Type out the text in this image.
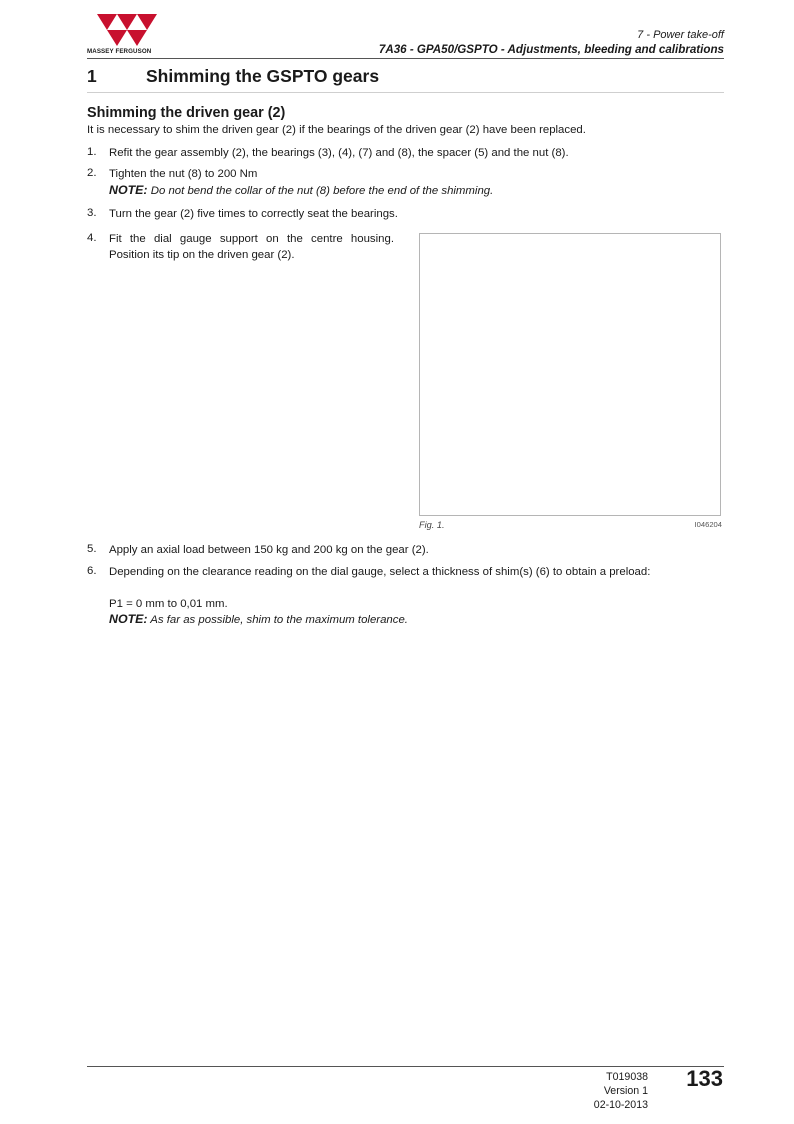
MASSEY FERGUSON
7 - Power take-off
7A36 - GPA50/GSPTO - Adjustments, bleeding and calibrations
1	Shimming the GSPTO gears
Shimming the driven gear (2)
It is necessary to shim the driven gear (2) if the bearings of the driven gear (2) have been replaced.
1. Refit the gear assembly (2), the bearings (3), (4), (7) and (8), the spacer (5) and the nut (8).
2. Tighten the nut (8) to 200 Nm
NOTE: Do not bend the collar of the nut (8) before the end of the shimming.
3. Turn the gear (2) five times to correctly seat the bearings.
4. Fit the dial gauge support on the centre housing. Position its tip on the driven gear (2).
Fig. 1.	I046204
5. Apply an axial load between 150 kg and 200 kg on the gear (2).
6. Depending on the clearance reading on the dial gauge, select a thickness of shim(s) (6) to obtain a preload:
P1 = 0 mm to 0,01 mm.
NOTE: As far as possible, shim to the maximum tolerance.
T019038
Version 1
02-10-2013
133
